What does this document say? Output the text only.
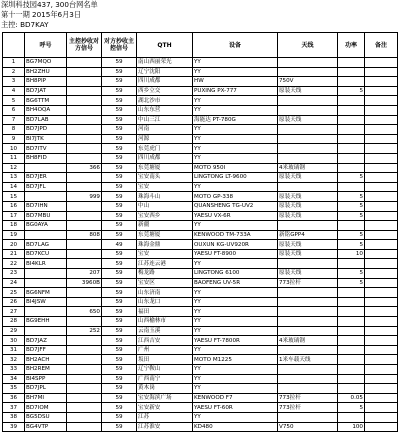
深圳科技园437, 300台网名单
第十一期 2015年6月3日
主控: BD7KAY
	呼号	主控抄收对方信号	对方抄收主控信号	QTH	设备	天线	功率	备注
1	BG7MQO		59	南山西丽荣光	YY			
2	BH2ZHU		59	辽宁沈阳	YY			
3	BH8PIP		59	四川成都	HW	750V		
4	BD7JAT		59	西乡立交	PUXING PX-777	原装天线	5	
5	BG6TTM		59	湖北沙市	YY			
6	BH4OQA		59	山东东营	YY			
7	BD7LAB		59	中山三江	海能达 PT-780G	原装天线		
8	BD7JPD		59	河南	YY			
9	BI7JTK		59	河源	YY			
10	BD7ITV		59	东莞虎门	YY			
11	BH8FID		59	四川成都	YY			
12		366	59	东莞塘厦	MOTO 950I	4米玻璃钢		
13	BD7JER		59	宝安南头	LINGTONG LT-9600	原装天线	5	
14	BD7JFL		59	宝安	YY			
15		999	59	珠海斗山	MOTO GP-338	原装天线	5	
16	BD7IHN		59	中山	QUANSHENG TG-UV2	原装天线	5	
17	BD7MBU		59	宝安西乡	YAESU VX-6R	原装天线	5	
18	BG0AYA		59	新疆	YY			
19		808	59	东莞塘厦	KENWOOD TM-733A	新铭GPP4	5	
20	BD7LAG		49	珠海金鼎	OUXUN KG-UV920R	原装天线	5	
21	BD7KCU		59	宝安	YAESU FT-8900	原装天线	10	
22	BI4KLR		59	江苏连云港	YY			
23		207	59	梅龙路	LINGTONG 6100	原装天线	5	
24		3960B	59	宝安区	BAOFENG UV-5R	773拉杆	5	
25	BG6NFM		59	山东济南	YY			
26	BI4JSW		59	山东龙口	YY			
27		650	59	福田	YY			
28	BG9EHH		59	山西榆林市	YY			
29		252	59	云南玉溪	YY			
30	BD7JAZ		59	江西吉安	YAESU FT-7800R	4米玻璃钢		
31	BD7JFF		59	广州	YY			
32	BH2ACH		59	坂田	MOTO M1225	1米车载天线		
33	BH2REM		59	辽宁鞍山	YY			
34	BI4SPP		59	广西南宁	YY			
35	BD7JPL		59	黄木岗	YY			
36	BH7MI		59	宝安海滨广场	KENWOOD F7	773拉杆	0.05	
37	BD7IOM		59	宝安新安	YAESU FT-60R	773拉杆	5	
38	BG5DSU		59	江苏	YY			
39	BG4VTP		59	江苏淮安	KD480	V750	100	
